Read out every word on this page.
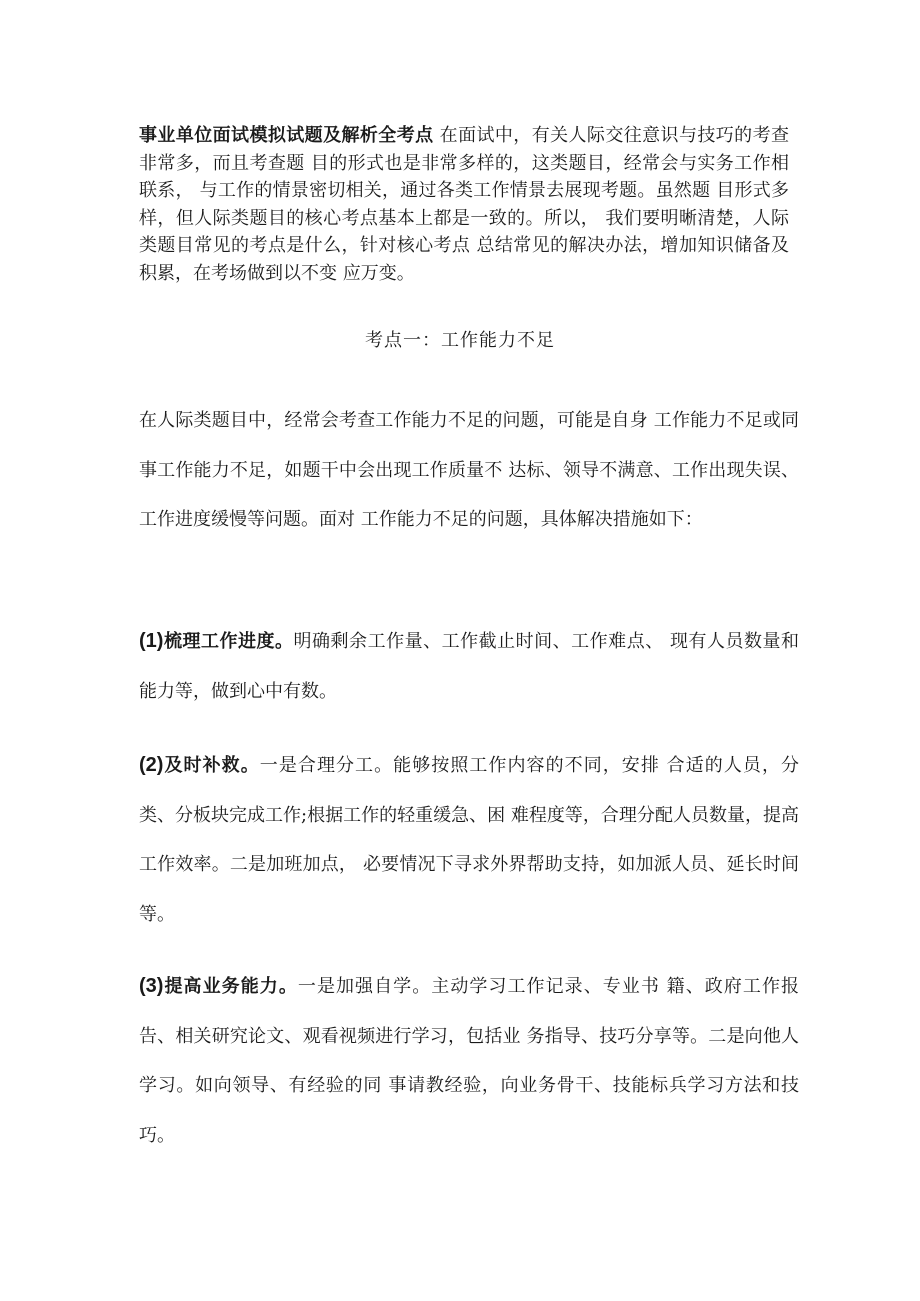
事业单位面试模拟试题及解析全考点 在面试中，有关人际交往意识与技巧的考查非常多，而且考查题 目的形式也是非常多样的，这类题目，经常会与实务工作相联系， 与工作的情景密切相关，通过各类工作情景去展现考题。虽然题 目形式多样，但人际类题目的核心考点基本上都是一致的。所以， 我们要明晰清楚，人际类题目常见的考点是什么，针对核心考点 总结常见的解决办法，增加知识储备及积累，在考场做到以不变 应万变。

考点一：工作能力不足

在人际类题目中，经常会考查工作能力不足的问题，可能是自身 工作能力不足或同事工作能力不足，如题干中会出现工作质量不 达标、领导不满意、工作出现失误、工作进度缓慢等问题。面对 工作能力不足的问题，具体解决措施如下：

(1)梳理工作进度。明确剩余工作量、工作截止时间、工作难点、 现有人员数量和能力等，做到心中有数。

(2)及时补救。一是合理分工。能够按照工作内容的不同，安排 合适的人员，分类、分板块完成工作;根据工作的轻重缓急、困 难程度等，合理分配人员数量，提高工作效率。二是加班加点， 必要情况下寻求外界帮助支持，如加派人员、延长时间等。

(3)提高业务能力。一是加强自学。主动学习工作记录、专业书 籍、政府工作报告、相关研究论文、观看视频进行学习，包括业 务指导、技巧分享等。二是向他人学习。如向领导、有经验的同 事请教经验，向业务骨干、技能标兵学习方法和技巧。
